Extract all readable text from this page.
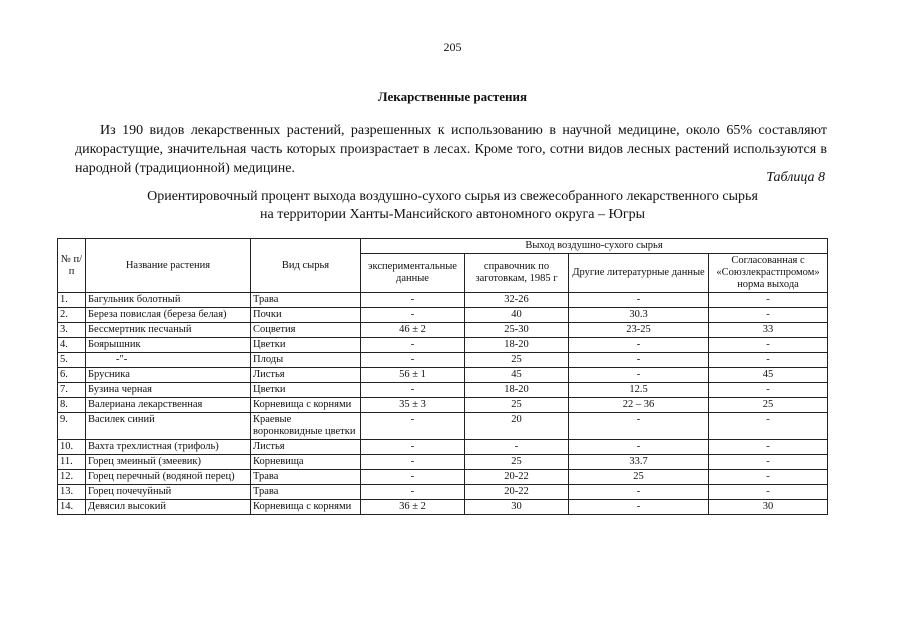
205
Лекарственные растения

Из 190 видов лекарственных растений, разрешенных к использованию в научной медицине, около 65% составляют дикорастущие, значительная часть которых произрастает в лесах. Кроме того, сотни видов лесных растений используются в народной (традиционной) медицине.

Таблица 8
Ориентировочный процент выхода воздушно-сухого сырья из свежесобранного лекарственного сырья
на территории Ханты-Мансийского автономного округа – Югры
№ п/п	Название растения	Вид сырья	Выход воздушно-сухого сырья			
			экспериментальные данные	справочник по заготовкам, 1985 г	Другие литературные данные	Согласованная с «Союзлекрастпромом» норма выхода
1.	Багульник болотный	Трава	-	32-26	-	-
2.	Береза повислая (береза белая)	Почки	-	40	30.3	-
3.	Бессмертник песчаный	Соцветия	46 ± 2	25-30	23-25	33
4.	Боярышник	Цветки	-	18-20	-	-
5.	-"-	Плоды	-	25	-	-
6.	Брусника	Листья	56 ± 1	45	-	45
7.	Бузина черная	Цветки	-	18-20	12.5	-
8.	Валериана лекарственная	Корневища с корнями	35 ± 3	25	22 – 36	25
9.	Василек синий	Краевые воронковидные цветки	-	20	-	-
10.	Вахта трехлистная (трифоль)	Листья	-	-	-	-
11.	Горец змеиный (змеевик)	Корневища	-	25	33.7	-
12.	Горец перечный (водяной перец)	Трава	-	20-22	25	-
13.	Горец почечуйный	Трава	-	20-22	-	-
14.	Девясил высокий	Корневища с корнями	36 ± 2	30	-	30
